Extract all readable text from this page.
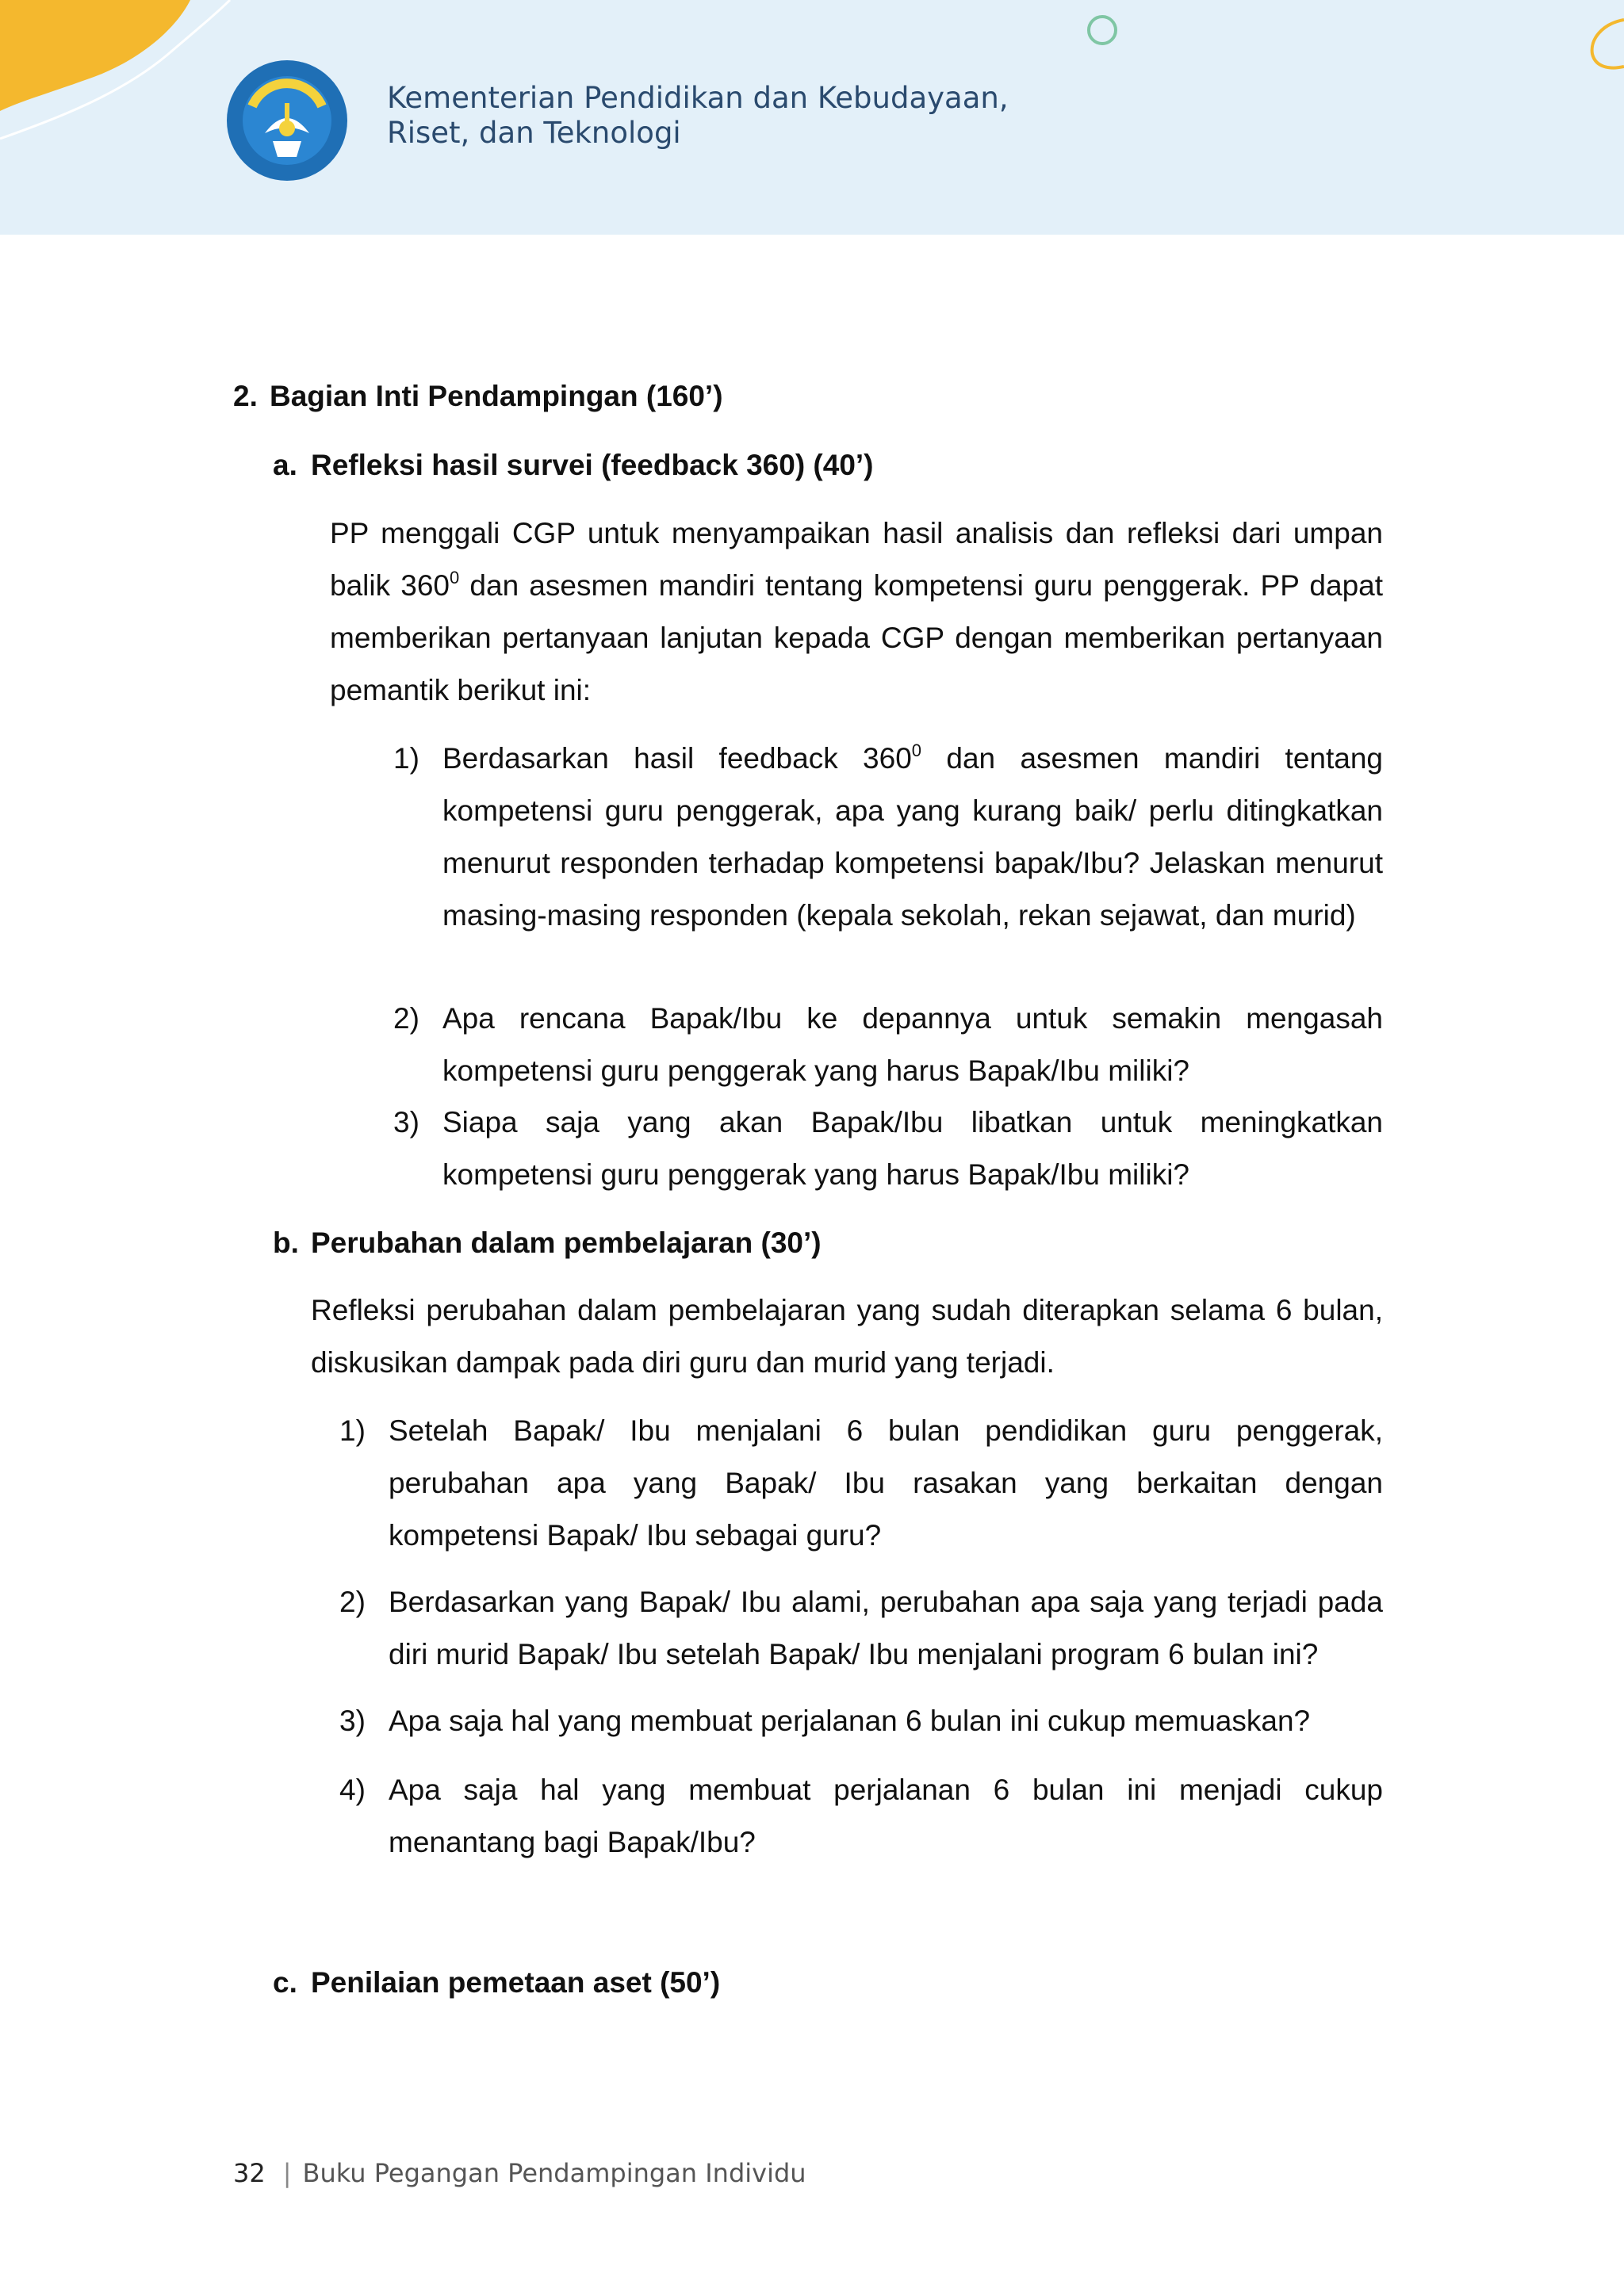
Kementerian Pendidikan dan Kebudayaan,
Riset, dan Teknologi
2. Bagian Inti Pendampingan (160’)
a. Refleksi hasil survei (feedback 360) (40’)
PP menggali CGP untuk menyampaikan hasil analisis dan refleksi dari umpan balik $360^0$ dan asesmen mandiri tentang kompetensi guru penggerak. PP dapat memberikan pertanyaan lanjutan kepada CGP dengan memberikan pertanyaan pemantik berikut ini:
1) Berdasarkan hasil feedback $360^0$ dan asesmen mandiri tentang kompetensi guru penggerak, apa yang kurang baik/ perlu ditingkatkan menurut responden terhadap kompetensi bapak/Ibu? Jelaskan menurut masing-masing responden (kepala sekolah, rekan sejawat, dan murid)
2) Apa rencana Bapak/Ibu ke depannya untuk semakin mengasah kompetensi guru penggerak yang harus Bapak/Ibu miliki?
3) Siapa saja yang akan Bapak/Ibu libatkan untuk meningkatkan kompetensi guru penggerak yang harus Bapak/Ibu miliki?
b. Perubahan dalam pembelajaran (30’)
Refleksi perubahan dalam pembelajaran yang sudah diterapkan selama 6 bulan, diskusikan dampak pada diri guru dan murid yang terjadi.
1) Setelah Bapak/ Ibu menjalani 6 bulan pendidikan guru penggerak, perubahan apa yang Bapak/ Ibu rasakan yang berkaitan dengan kompetensi Bapak/ Ibu sebagai guru?
2) Berdasarkan yang Bapak/ Ibu alami, perubahan apa saja yang terjadi pada diri murid Bapak/ Ibu setelah Bapak/ Ibu menjalani program 6 bulan ini?
3) Apa saja hal yang membuat perjalanan 6 bulan ini cukup memuaskan?
4) Apa saja hal yang membuat perjalanan 6 bulan ini menjadi cukup menantang bagi Bapak/Ibu?
c. Penilaian pemetaan aset (50’)
32 | Buku Pegangan Pendampingan Individu
